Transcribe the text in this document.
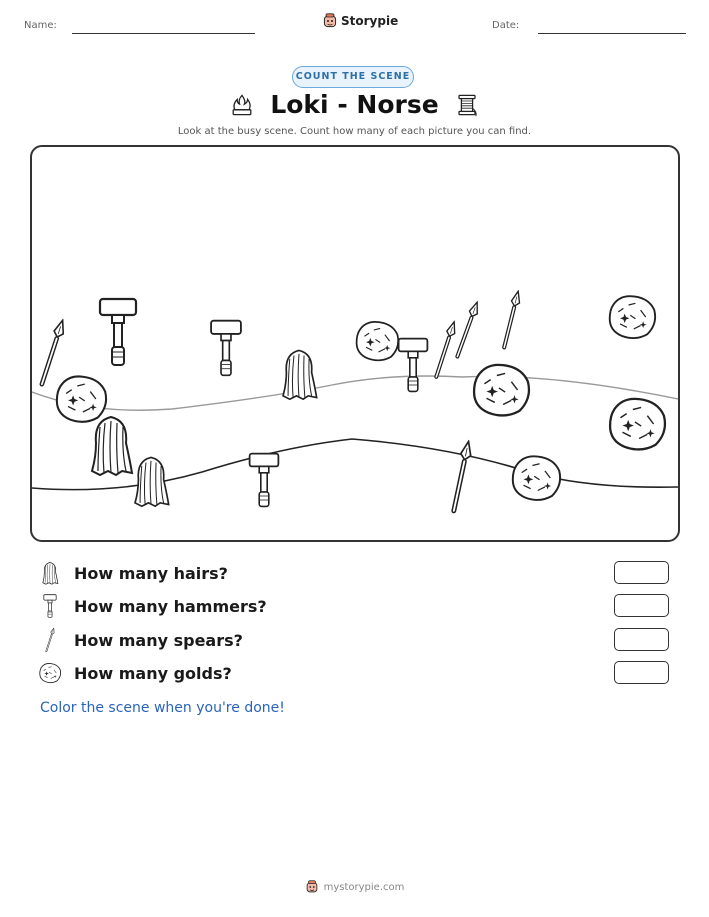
Name:	Storypie	Date:
COUNT THE SCENE
Loki - Norse
Look at the busy scene. Count how many of each picture you can find.
How many hairs?
How many hammers?
How many spears?
How many golds?
Color the scene when you're done!
mystorypie.com
